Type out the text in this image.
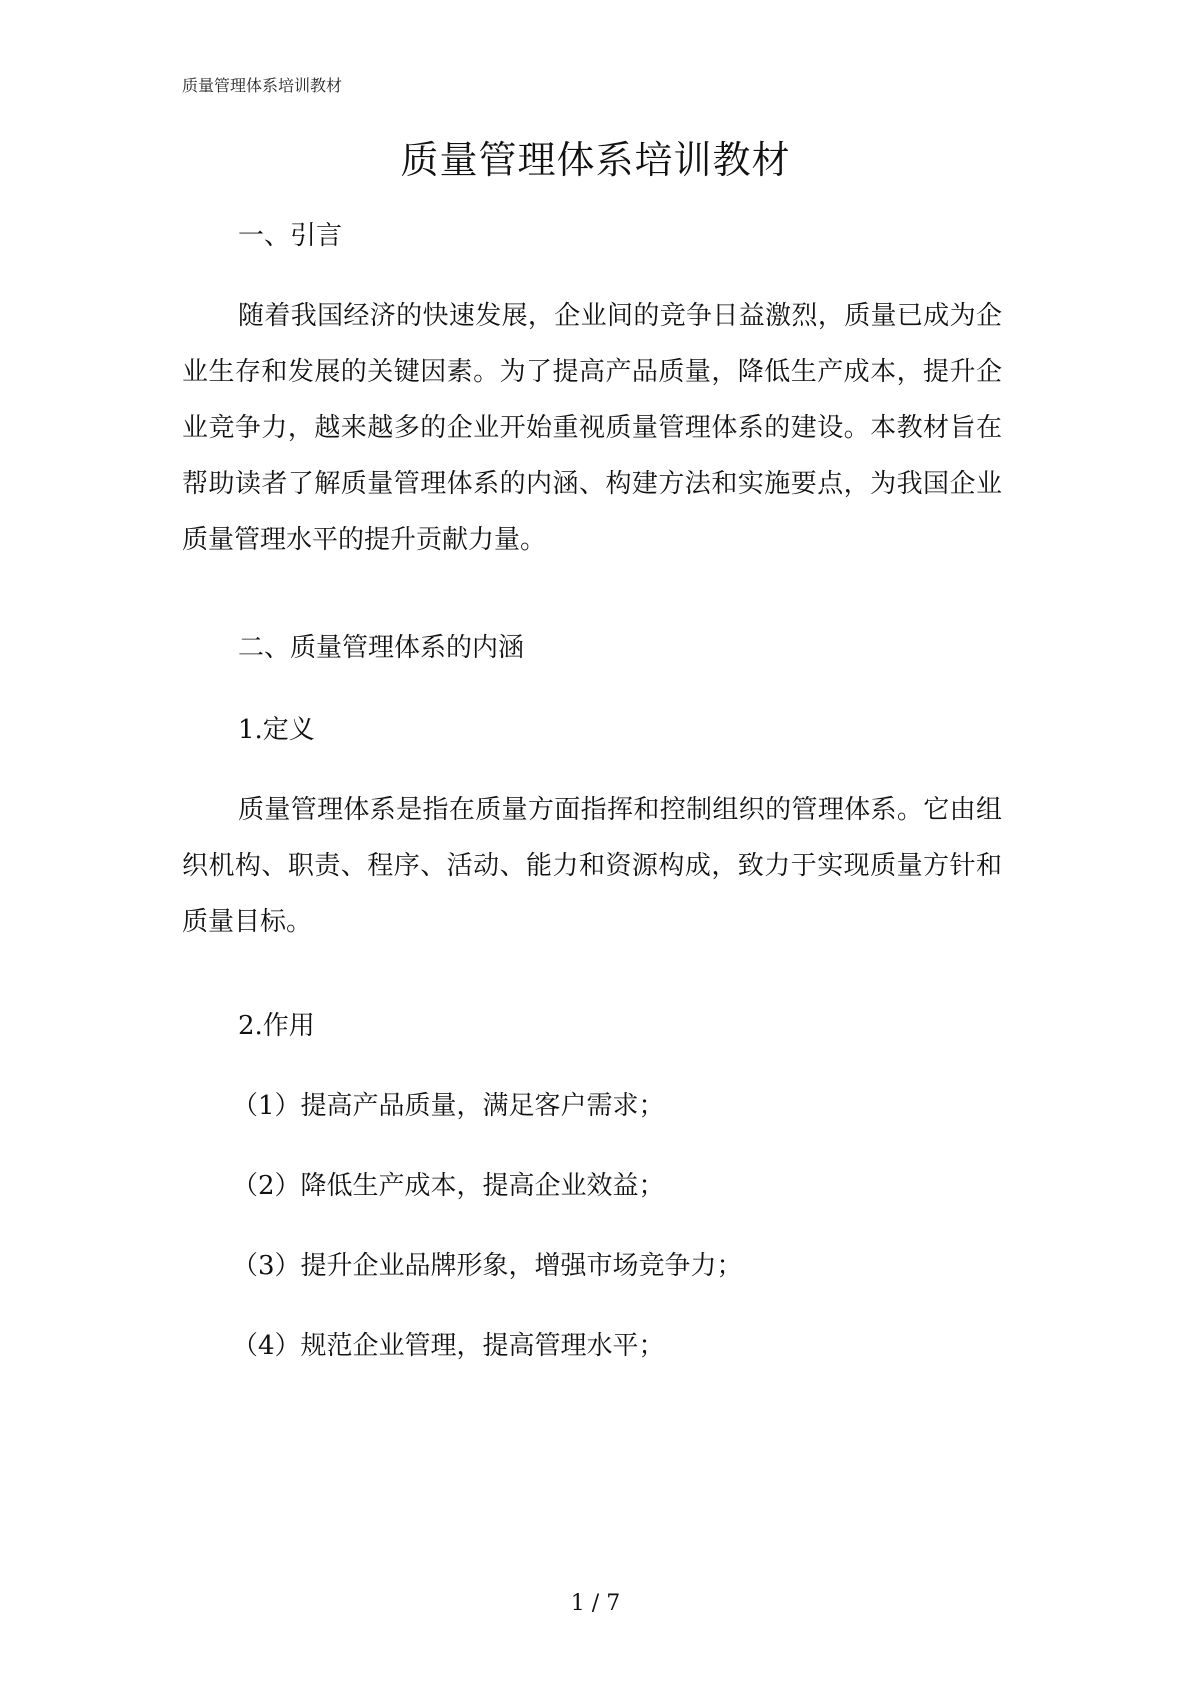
质量管理体系培训教材
质量管理体系培训教材

一、引言

随着我国经济的快速发展，企业间的竞争日益激烈，质量已成为企业生存和发展的关键因素。为了提高产品质量，降低生产成本，提升企业竞争力，越来越多的企业开始重视质量管理体系的建设。本教材旨在帮助读者了解质量管理体系的内涵、构建方法和实施要点，为我国企业质量管理水平的提升贡献力量。

二、质量管理体系的内涵

1.定义

质量管理体系是指在质量方面指挥和控制组织的管理体系。它由组织机构、职责、程序、活动、能力和资源构成，致力于实现质量方针和质量目标。

2.作用

（1）提高产品质量，满足客户需求；

（2）降低生产成本，提高企业效益；

（3）提升企业品牌形象，增强市场竞争力；

（4）规范企业管理，提高管理水平；

1 / 7
